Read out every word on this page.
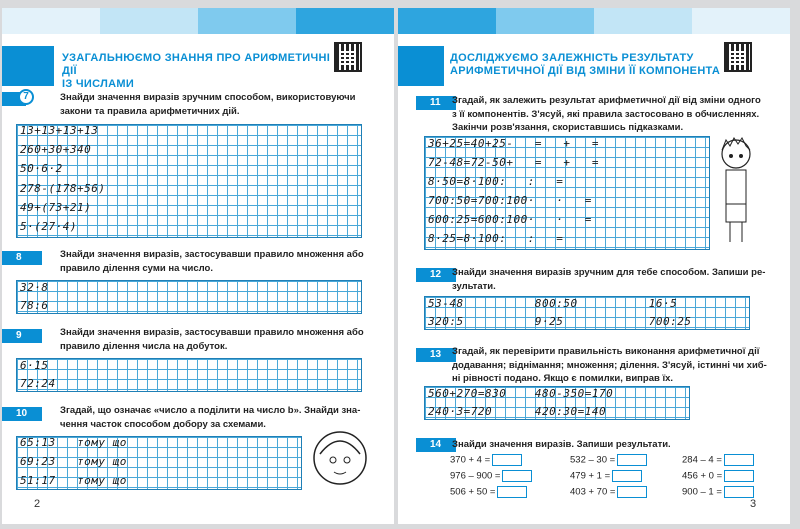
УЗАГАЛЬНЮЄМО ЗНАННЯ ПРО АРИФМЕТИЧНІ ДІЇ
ІЗ ЧИСЛАМИ
7	Знайди значення виразів зручним способом, використовуючи
закони та правила арифметичних дій.
13+13+13+13
260+30+340
50·6·2
278-(178+56)
49+(73+21)
5·(27·4)
8	Знайди значення виразів, застосувавши правило множення або
правило ділення суми на число.
32·8
78:6
9	Знайди значення виразів, застосувавши правило множення або
правило ділення числа на добуток.
6·15
72:24
10	Згадай, що означає «число a поділити на число b». Знайди зна-
чення часток способом добору за схемами.
65:13   тому що
69:23   тому що
51:17   тому що
2
ДОСЛІДЖУЄМО ЗАЛЕЖНІСТЬ РЕЗУЛЬТАТУ
АРИФМЕТИЧНОЇ ДІЇ ВІД ЗМІНИ ЇЇ КОМПОНЕНТА
11	Згадай, як залежить результат арифметичної дії від зміни одного
з її компонентів. З'ясуй, які правила застосовано в обчисленнях.
Закінчи розв'язання, скориставшись підказками.
36+25=40+25-   =   +   =
72-48=72-50+   =   +   =
8·50=8·100:   :   =
700:50=700:100·   ·   =
600:25=600:100·   ·   =
8·25=8·100:   :   =
12	Знайди значення виразів зручним для тебе способом. Запиши ре-
зультати.
53-48          800:50          16·5
320:5          9·25            700:25
13	Згадай, як перевірити правильність виконання арифметичної дії
додавання; віднімання; множення; ділення. З'ясуй, істинні чи хиб-
ні рівності подано. Якщо є помилки, виправ їх.
560+270=830    480-350=170
240·3=720      420:30=140
14	Знайди значення виразів. Запиши результати.
370 + 4 =	532 – 30 =	284 – 4 =
976 – 900 =	479 + 1 =	456 + 0 =
506 + 50 =	403 + 70 =	900 – 1 =
3
